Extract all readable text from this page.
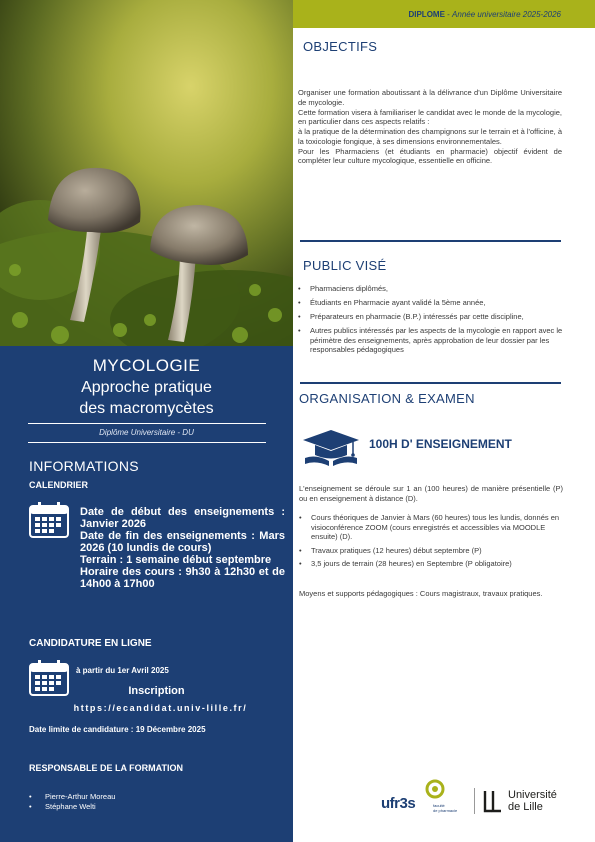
MYCOLOGIE
Approche pratique
des macromycètes
Diplôme Universitaire - DU
INFORMATIONS
CALENDRIER
Date de début des enseignements : Janvier 2026
Date de fin des enseignements : Mars 2026 (10 lundis de cours)
Terrain : 1 semaine début septembre
Horaire des cours : 9h30 à 12h30 et de 14h00 à 17h00
CANDIDATURE EN LIGNE
à partir du 1er Avril 2025
Inscription
https://ecandidat.univ-lille.fr/
Date limite de candidature : 19 Décembre 2025
RESPONSABLE DE LA FORMATION
• Pierre-Arthur Moreau
• Stéphane Welti
DIPLOME - Année universitaire 2025-2026
OBJECTIFS

Organiser une formation aboutissant à la délivrance d'un Diplôme Universitaire de mycologie.

Cette formation visera à familiariser le candidat avec le monde de la mycologie, en particulier dans ces aspects relatifs :

à la pratique de la détermination des champignons sur le terrain et à l'officine, à la toxicologie fongique, à ses dimensions environnementales.

Pour les Pharmaciens (et étudiants en pharmacie) objectif évident de compléter leur culture mycologique, essentielle en officine.

PUBLIC VISÉ
• Pharmaciens diplômés,
• Étudiants en Pharmacie ayant validé la 5ème année,
• Préparateurs en pharmacie (B.P.) intéressés par cette discipline,
• Autres publics intéressés par les aspects de la mycologie en rapport avec le périmètre des enseignements, après approbation de leur dossier par les responsables pédagogiques
ORGANISATION & EXAMEN
100H D' ENSEIGNEMENT
L'enseignement se déroule sur 1 an (100 heures) de manière présentielle (P) ou en enseignement à distance (D).
• Cours théoriques de Janvier à Mars (60 heures) tous les lundis, donnés en visioconférence ZOOM (cours enregistrés et accessibles via MOODLE ensuite) (D).
• Travaux pratiques (12 heures) début septembre (P)
• 3,5 jours de terrain (28 heures) en Septembre (P obligatoire)
Moyens et supports pédagogiques : Cours magistraux, travaux pratiques.
ufr3s	faculté
de pharmacie
Université
de Lille
